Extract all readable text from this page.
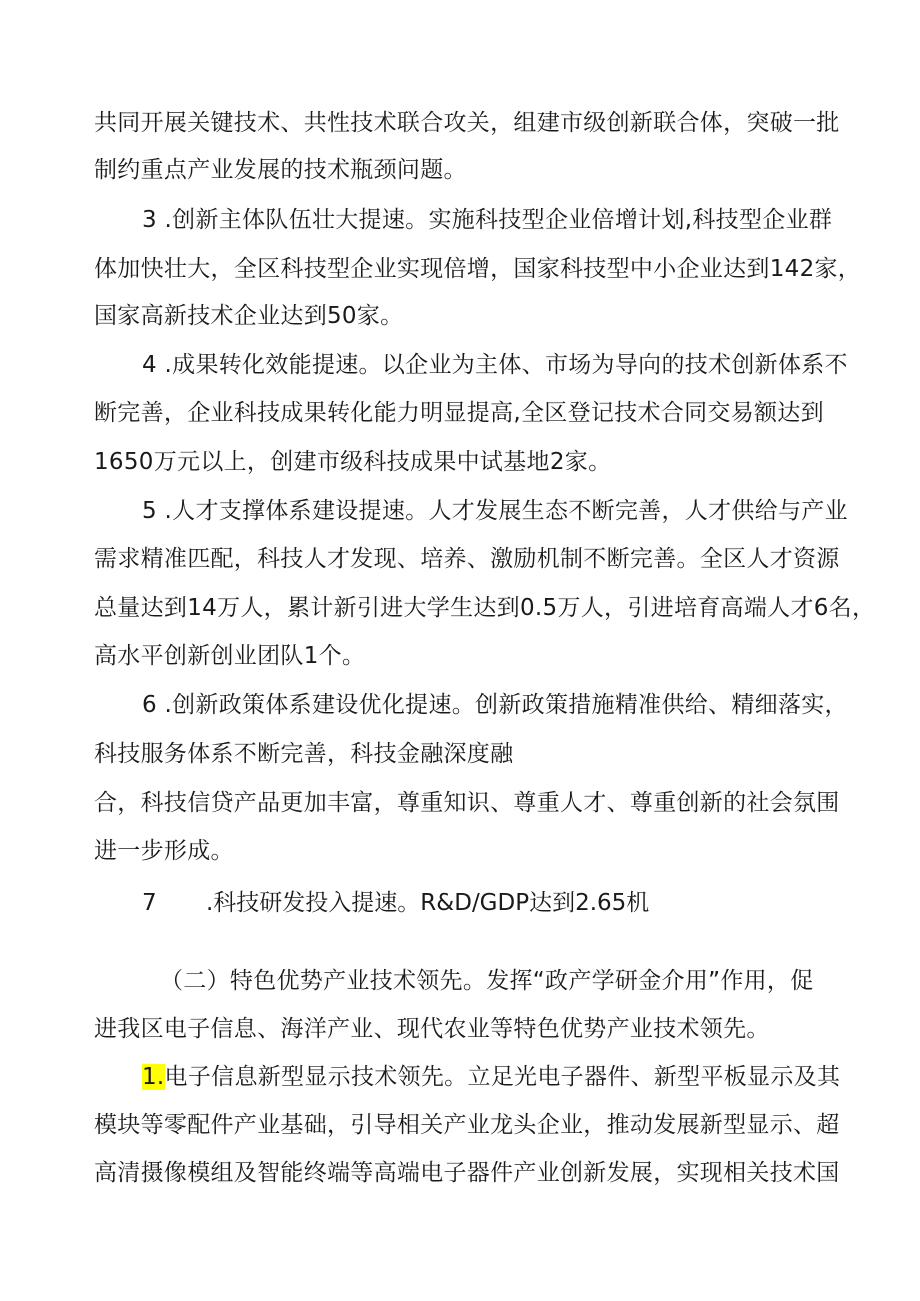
共同开展关键技术、共性技术联合攻关，组建市级创新联合体，突破一批
制约重点产业发展的技术瓶颈问题。
3 .创新主体队伍壮大提速。实施科技型企业倍增计划,科技型企业群
体加快壮大，全区科技型企业实现倍增，国家科技型中小企业达到142家，
国家高新技术企业达到50家。
4 .成果转化效能提速。以企业为主体、市场为导向的技术创新体系不
断完善，企业科技成果转化能力明显提高,全区登记技术合同交易额达到
1650万元以上，创建市级科技成果中试基地2家。
5 .人才支撑体系建设提速。人才发展生态不断完善，人才供给与产业
需求精准匹配，科技人才发现、培养、激励机制不断完善。全区人才资源
总量达到14万人，累计新引进大学生达到0.5万人，引进培育高端人才6名，
高水平创新创业团队1个。
6 .创新政策体系建设优化提速。创新政策措施精准供给、精细落实，
科技服务体系不断完善，科技金融深度融
合，科技信贷产品更加丰富，尊重知识、尊重人才、尊重创新的社会氛围
进一步形成。
7 .科技研发投入提速。R&D/GDP达到2.65机
（二）特色优势产业技术领先。发挥“政产学研金介用”作用，促
进我区电子信息、海洋产业、现代农业等特色优势产业技术领先。
1.电子信息新型显示技术领先。立足光电子器件、新型平板显示及其
模块等零配件产业基础，引导相关产业龙头企业，推动发展新型显示、超
高清摄像模组及智能终端等高端电子器件产业创新发展，实现相关技术国
